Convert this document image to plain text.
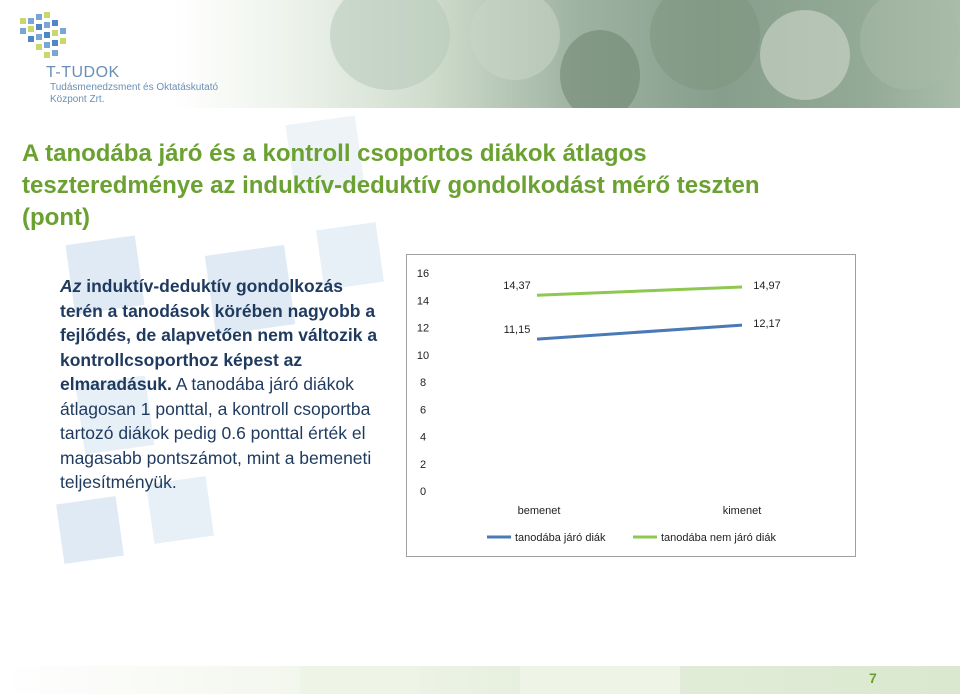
T-TUDOK
Tudásmenedzsment és Oktatáskutató
Központ Zrt.
A tanodába járó és a kontroll csoportos diákok átlagos
teszteredménye az induktív-deduktív gondolkodást mérő teszten
(pont)
Az induktív-deduktív gondolkozás terén a tanodások körében nagyobb a fejlődés, de alapvetően nem változik a kontrollcsoporthoz képest az elmaradásuk. A tanodába járó diákok átlagosan 1 ponttal, a kontroll csoportba tartozó diákok pedig 0.6 ponttal érték el magasabb pontszámot, mint a bemeneti teljesítményük.	0
2
4
6
8
10
12
14
16
bemenet	kimenet
11,15	12,17
14,37	14,97
tanodába járó diák	tanodába nem járó diák
7
